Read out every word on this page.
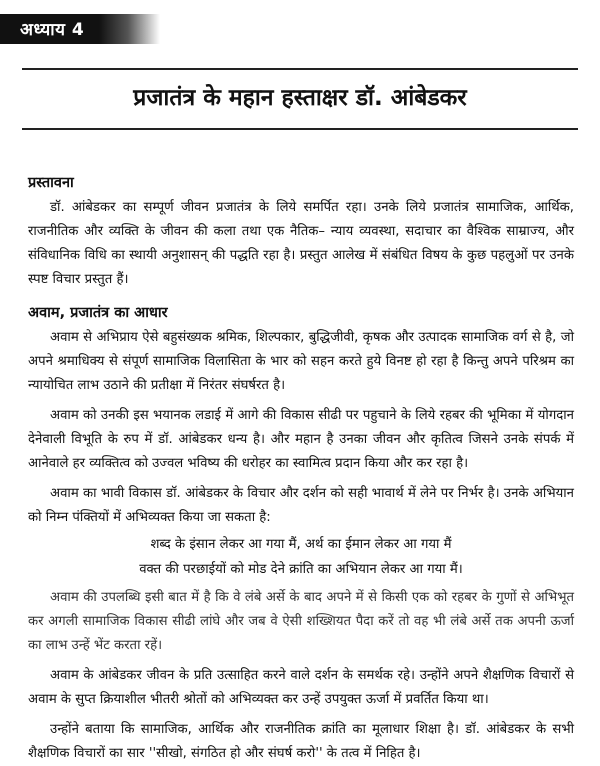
अध्याय 4
प्रजातंत्र के महान हस्ताक्षर डॉ. आंबेडकर
प्रस्तावना

डॉ. आंबेडकर का सम्पूर्ण जीवन प्रजातंत्र के लिये समर्पित रहा। उनके लिये प्रजातंत्र सामाजिक, आर्थिक, राजनीतिक और व्यक्ति के जीवन की कला तथा एक नैतिक– न्याय व्यवस्था, सदाचार का वैश्विक साम्राज्य, और संविधानिक विधि का स्थायी अनुशासन् की पद्धति रहा है। प्रस्तुत आलेख में संबंधित विषय के कुछ पहलुओं पर उनके स्पष्ट विचार प्रस्तुत हैं।

अवाम, प्रजातंत्र का आधार

अवाम से अभिप्राय ऐसे बहुसंख्यक श्रमिक, शिल्पकार, बुद्धिजीवी, कृषक और उत्पादक सामाजिक वर्ग से है, जो अपने श्रमाधिक्य से संपूर्ण सामाजिक विलासिता के भार को सहन करते हुये विनष्ट हो रहा है किन्तु अपने परिश्रम का न्यायोचित लाभ उठाने की प्रतीक्षा में निरंतर संघर्षरत है।

अवाम को उनकी इस भयानक लडाई में आगे की विकास सीढी पर पहुचाने के लिये रहबर की भूमिका में योगदान देनेवाली विभूति के रुप में डॉ. आंबेडकर धन्य है। और महान है उनका जीवन और कृतित्व जिसने उनके संपर्क में आनेवाले हर व्यक्तित्व को उज्वल भविष्य की धरोहर का स्वामित्व प्रदान किया और कर रहा है।

अवाम का भावी विकास डॉ. आंबेडकर के विचार और दर्शन को सही भावार्थ में लेने पर निर्भर है। उनके अभियान को निम्न पंक्तियों में अभिव्यक्त किया जा सकता है:

शब्द के इंसान लेकर आ गया मैं, अर्थ का ईमान लेकर आ गया मैं
वक्त की परछाईयों को मोड देने क्रांति का अभियान लेकर आ गया मैं।

अवाम की उपलब्धि इसी बात में है कि वे लंबे अर्से के बाद अपने में से किसी एक को रहबर के गुणों से अभिभूत कर अगली सामाजिक विकास सीढी लांघे और जब वे ऐसी शख्शियत पैदा करें तो वह भी लंबे अर्से तक अपनी ऊर्जा का लाभ उन्हें भेंट करता रहें।

अवाम के आंबेडकर जीवन के प्रति उत्साहित करने वाले दर्शन के समर्थक रहे। उन्होंने अपने शैक्षणिक विचारों से अवाम के सुप्त क्रियाशील भीतरी श्रोतों को अभिव्यक्त कर उन्हें उपयुक्त ऊर्जा में प्रवर्तित किया था।

उन्होंने बताया कि सामाजिक, आर्थिक और राजनीतिक क्रांति का मूलाधार शिक्षा है। डॉ. आंबेडकर के सभी शैक्षणिक विचारों का सार ''सीखो, संगठित हो और संघर्ष करो'' के तत्व में निहित है।
